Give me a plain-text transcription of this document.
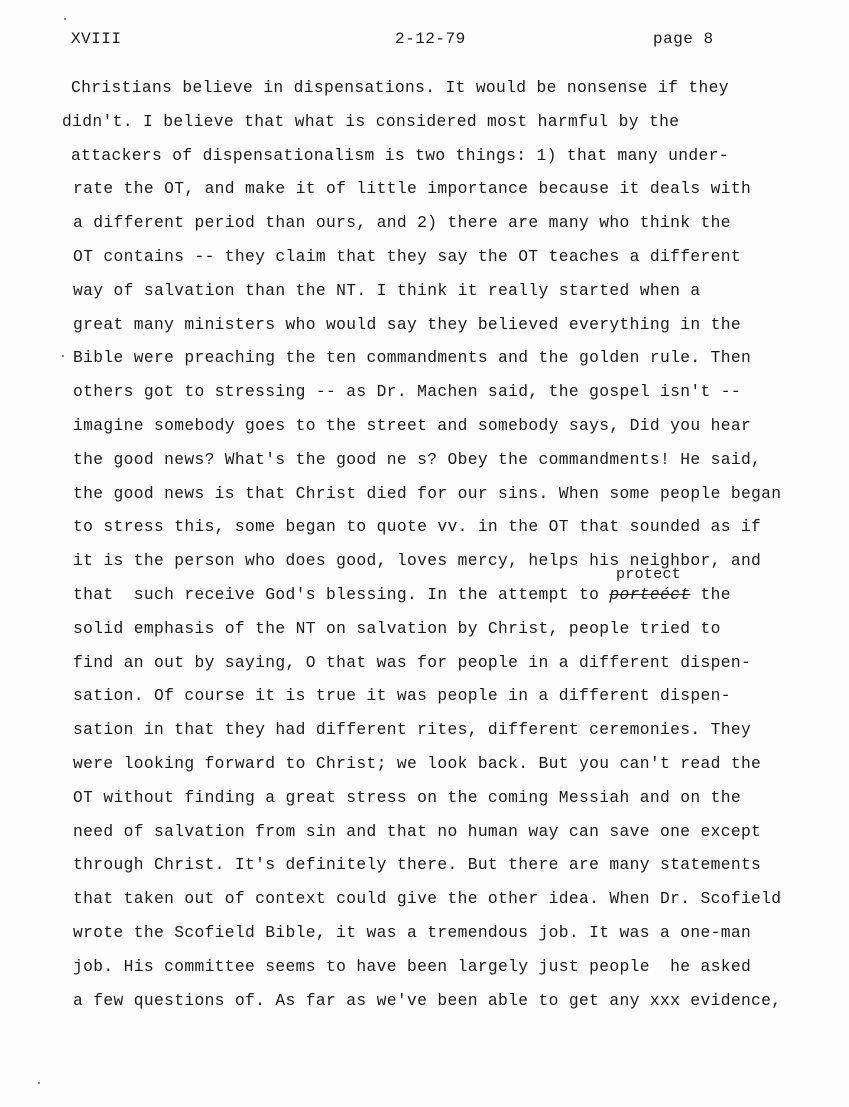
XVIII	2-12-79	page 8
protect
Christians believe in dispensations. It would be nonsense if they
didn't. I believe that what is considered most harmful by the
attackers of dispensationalism is two things: 1) that many under-
rate the OT, and make it of little importance because it deals with
a different period than ours, and 2) there are many who think the
OT contains -- they claim that they say the OT teaches a different
way of salvation than the NT. I think it really started when a
great many ministers who would say they believed everything in the
Bible were preaching the ten commandments and the golden rule. Then
others got to stressing -- as Dr. Machen said, the gospel isn't --
imagine somebody goes to the street and somebody says, Did you hear
the good news? What's the good ne s? Obey the commandments! He said,
the good news is that Christ died for our sins. When some people began
to stress this, some began to quote vv. in the OT that sounded as if
it is the person who does good, loves mercy, helps his neighbor, and
that  such receive God's blessing. In the attempt to porteéct the
solid emphasis of the NT on salvation by Christ, people tried to
find an out by saying, O that was for people in a different dispen-
sation. Of course it is true it was people in a different dispen-
sation in that they had different rites, different ceremonies. They
were looking forward to Christ; we look back. But you can't read the
OT without finding a great stress on the coming Messiah and on the
need of salvation from sin and that no human way can save one except
through Christ. It's definitely there. But there are many statements
that taken out of context could give the other idea. When Dr. Scofield
wrote the Scofield Bible, it was a tremendous job. It was a one-man
job. His committee seems to have been largely just people  he asked
a few questions of. As far as we've been able to get any xxx evidence,
